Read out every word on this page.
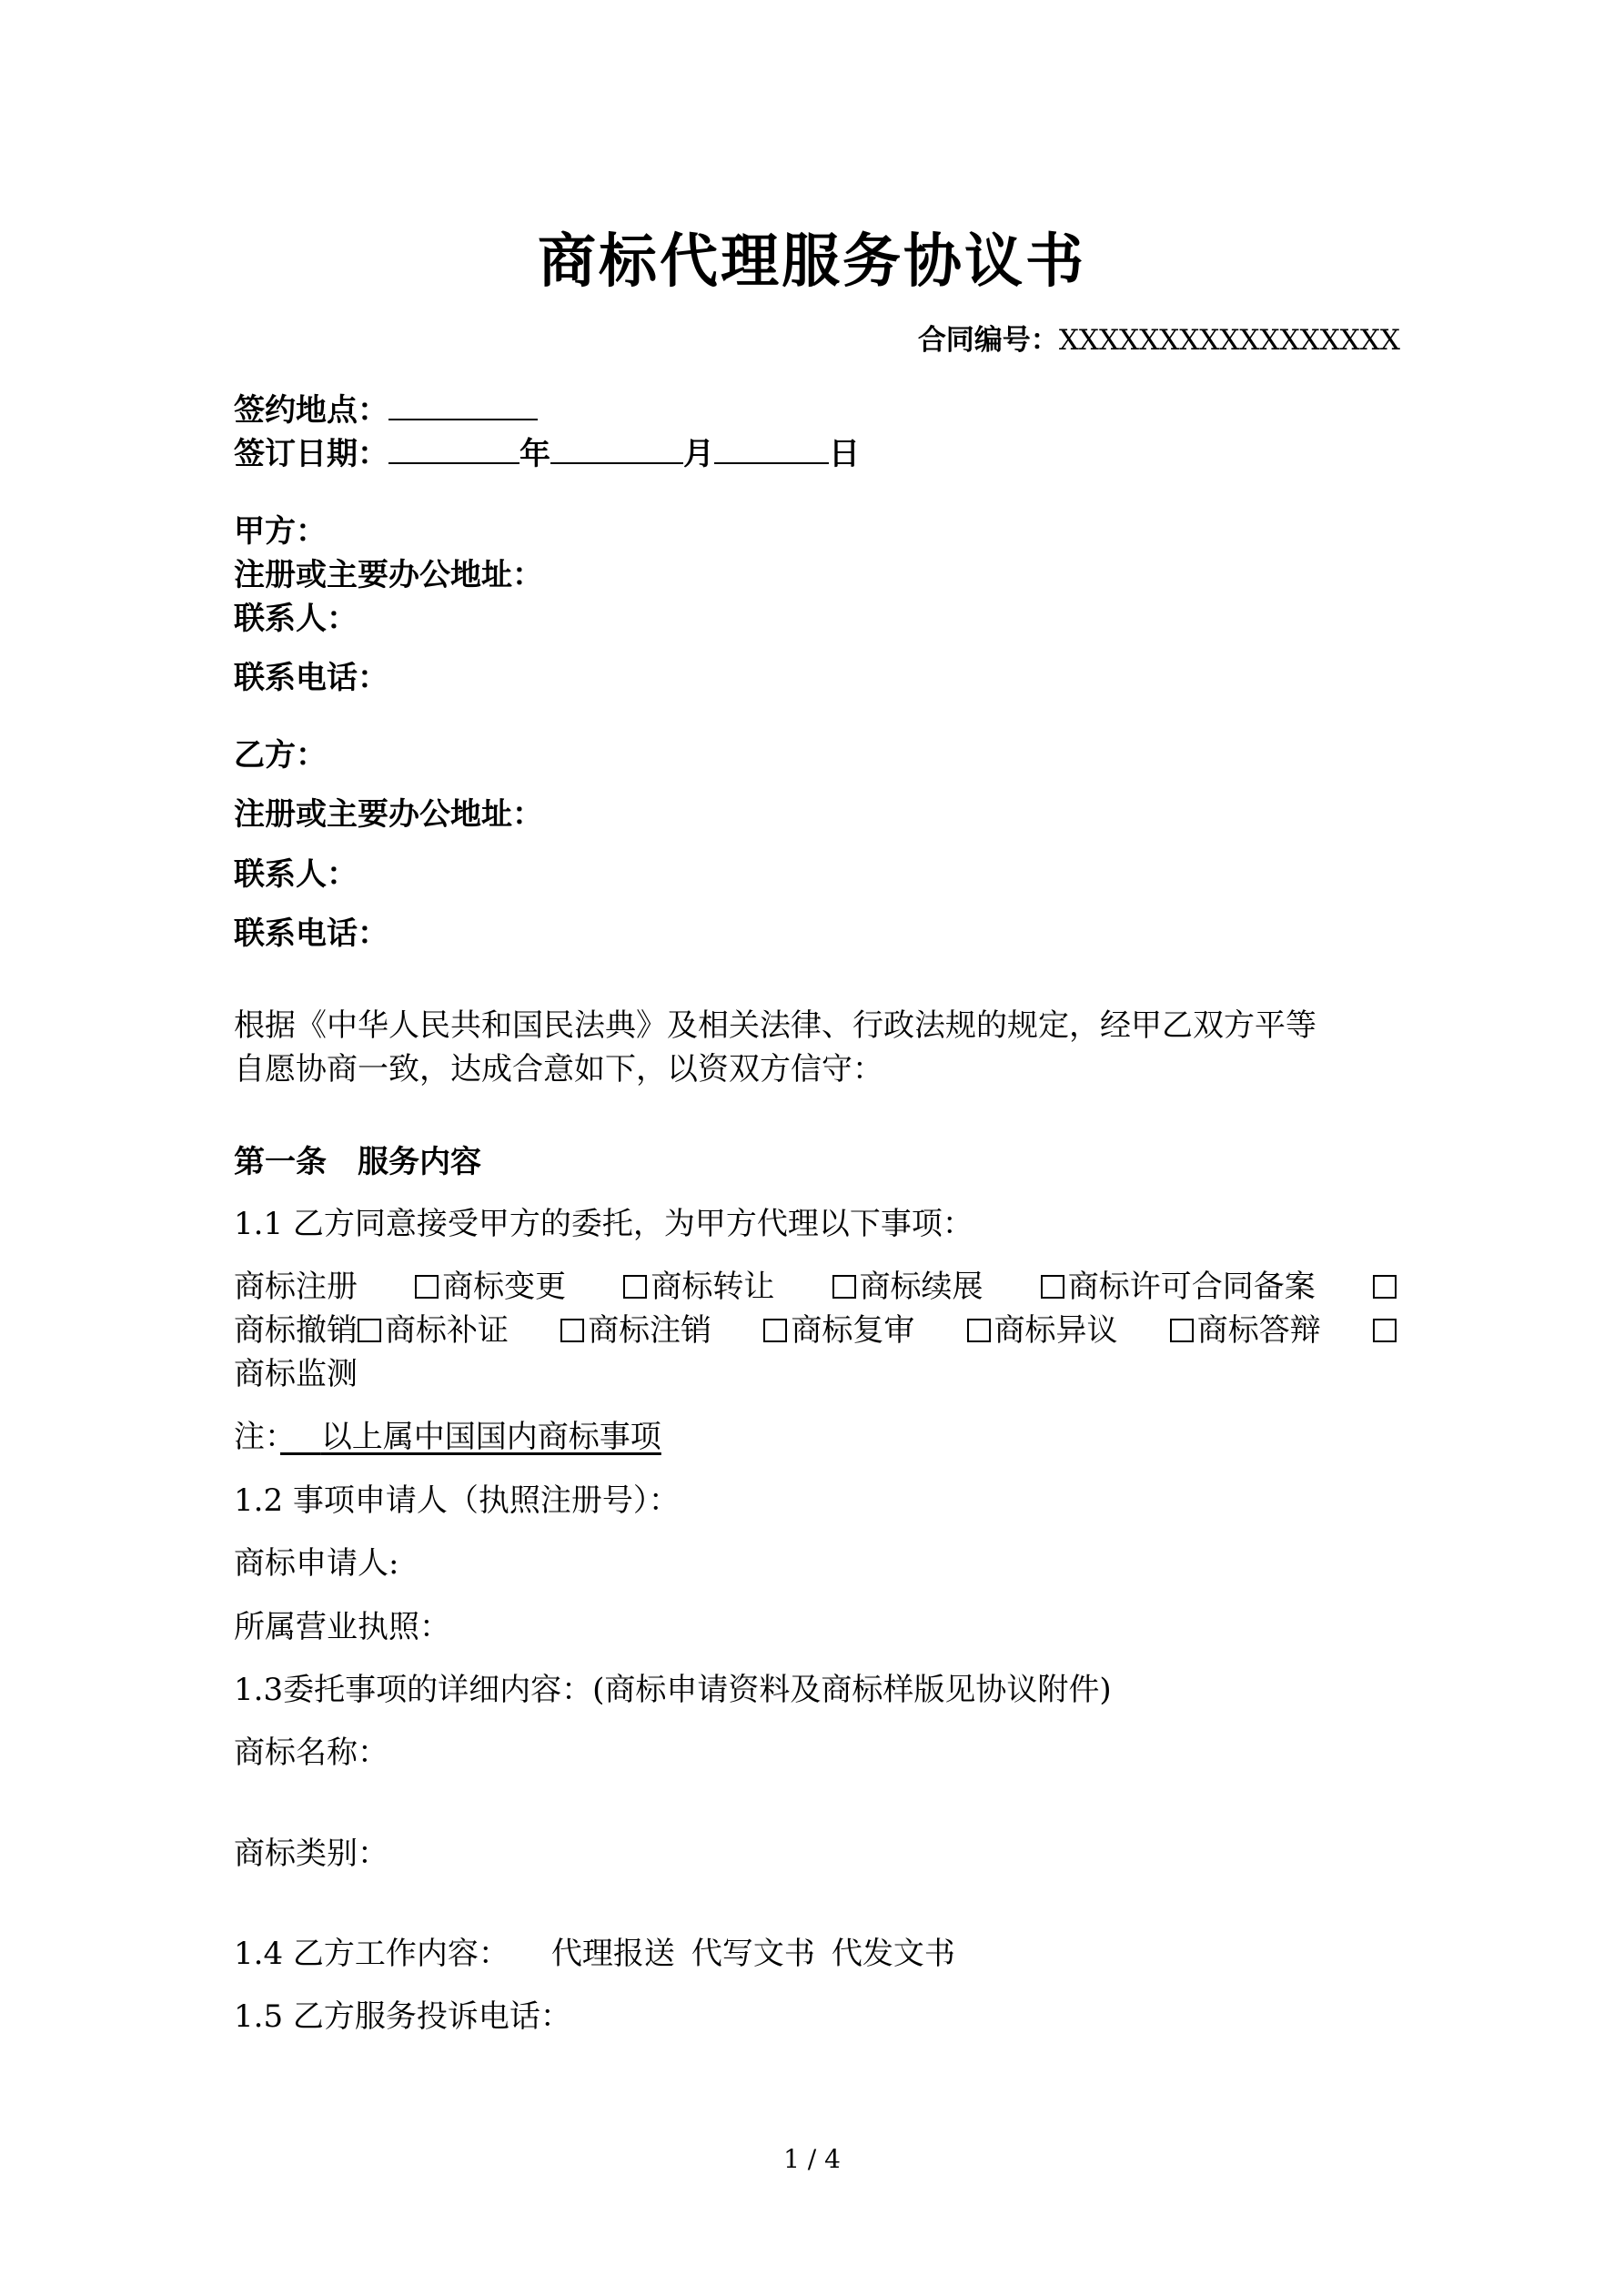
商标代理服务协议书
合同编号：XXXXXXXXXXXXXXXXX
签约地点：
签订日期：	年	月	日
甲方：
注册或主要办公地址：
联系人：
联系电话：
乙方：
注册或主要办公地址：
联系人：
联系电话：
根据《中华人民共和国民法典》及相关法律、行政法规的规定，经甲乙双方平等
自愿协商一致，达成合意如下，以资双方信守：
第一条　服务内容
1.1 乙方同意接受甲方的委托，为甲方代理以下事项：
商标注册	商标变更	商标转让	商标续展	商标许可合同备案
商标撤销 商标补证	商标注销	商标复审	商标异议	商标答辩
商标监测
注：　 以上属中国国内商标事项
1.2 事项申请人（执照注册号）：
商标申请人:
所属营业执照：
1.3委托事项的详细内容：(商标申请资料及商标样版见协议附件)
商标名称：
商标类别：
1.4 乙方工作内容： 代理报送 代写文书 代发文书
1.5 乙方服务投诉电话：
1 / 4
